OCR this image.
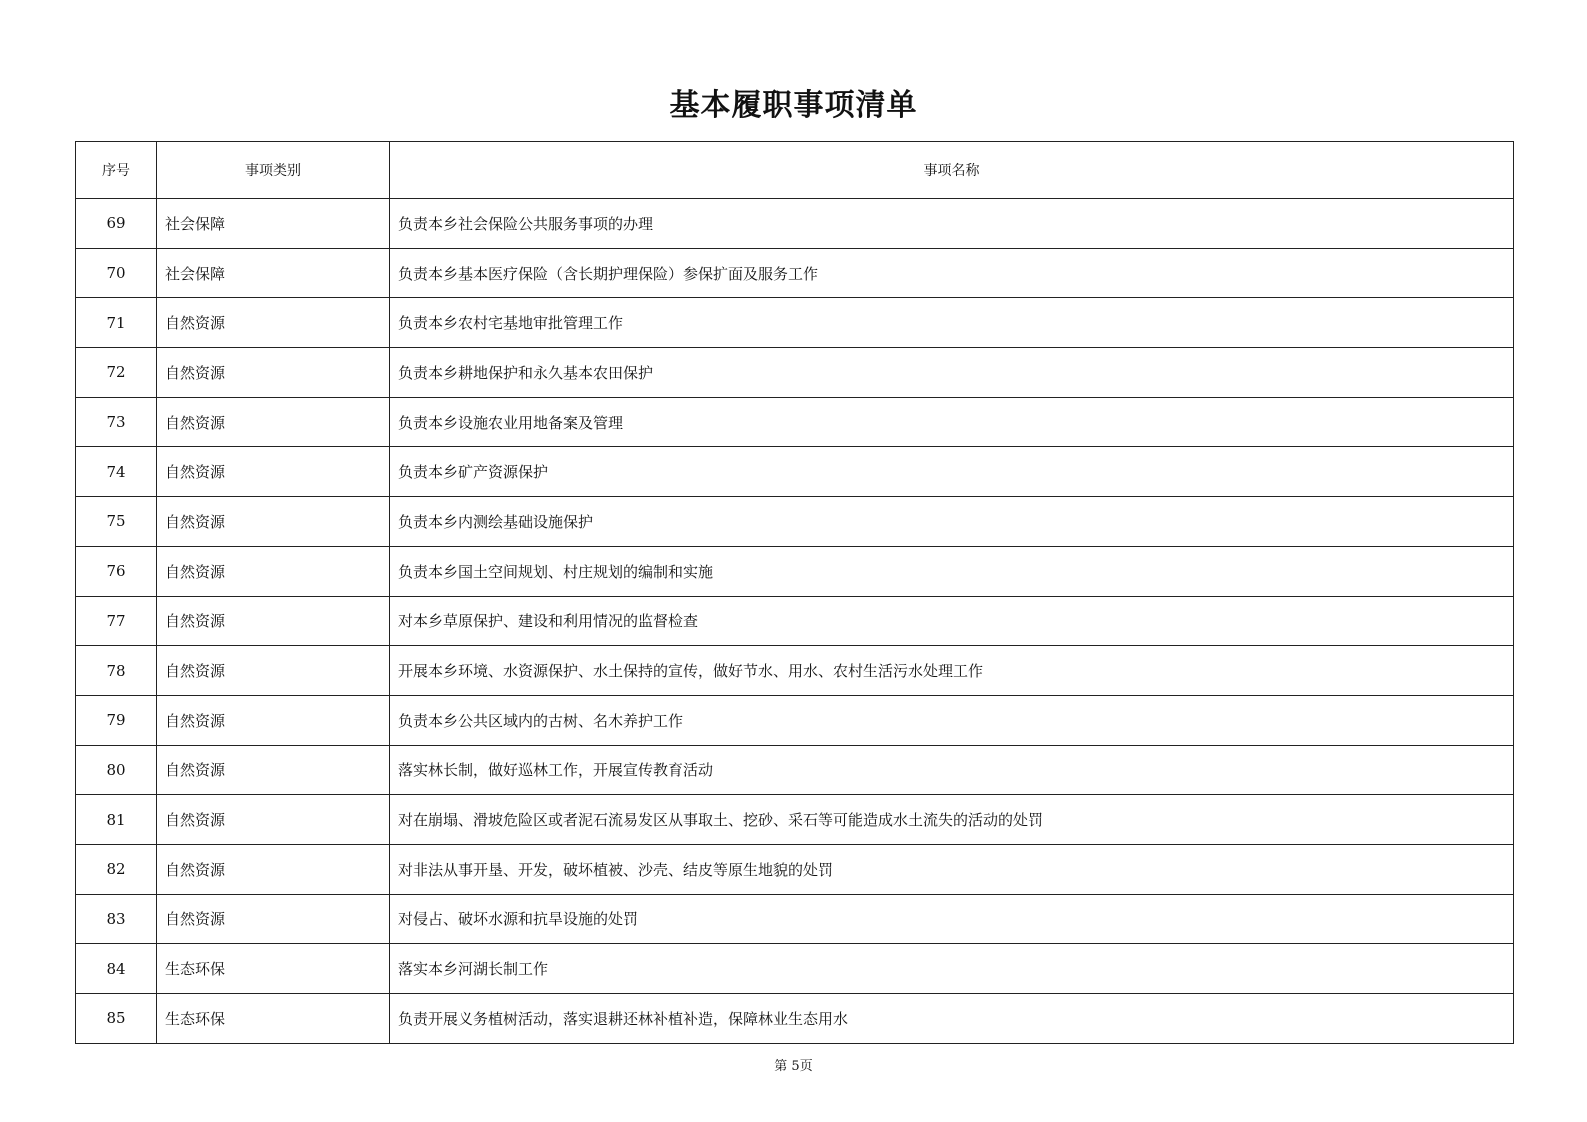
基本履职事项清单
序号	事项类别	事项名称
69	社会保障	负责本乡社会保险公共服务事项的办理
70	社会保障	负责本乡基本医疗保险（含长期护理保险）参保扩面及服务工作
71	自然资源	负责本乡农村宅基地审批管理工作
72	自然资源	负责本乡耕地保护和永久基本农田保护
73	自然资源	负责本乡设施农业用地备案及管理
74	自然资源	负责本乡矿产资源保护
75	自然资源	负责本乡内测绘基础设施保护
76	自然资源	负责本乡国土空间规划、村庄规划的编制和实施
77	自然资源	对本乡草原保护、建设和利用情况的监督检查
78	自然资源	开展本乡环境、水资源保护、水土保持的宣传，做好节水、用水、农村生活污水处理工作
79	自然资源	负责本乡公共区域内的古树、名木养护工作
80	自然资源	落实林长制，做好巡林工作，开展宣传教育活动
81	自然资源	对在崩塌、滑坡危险区或者泥石流易发区从事取土、挖砂、采石等可能造成水土流失的活动的处罚
82	自然资源	对非法从事开垦、开发，破坏植被、沙壳、结皮等原生地貌的处罚
83	自然资源	对侵占、破坏水源和抗旱设施的处罚
84	生态环保	落实本乡河湖长制工作
85	生态环保	负责开展义务植树活动，落实退耕还林补植补造，保障林业生态用水
第 5页
